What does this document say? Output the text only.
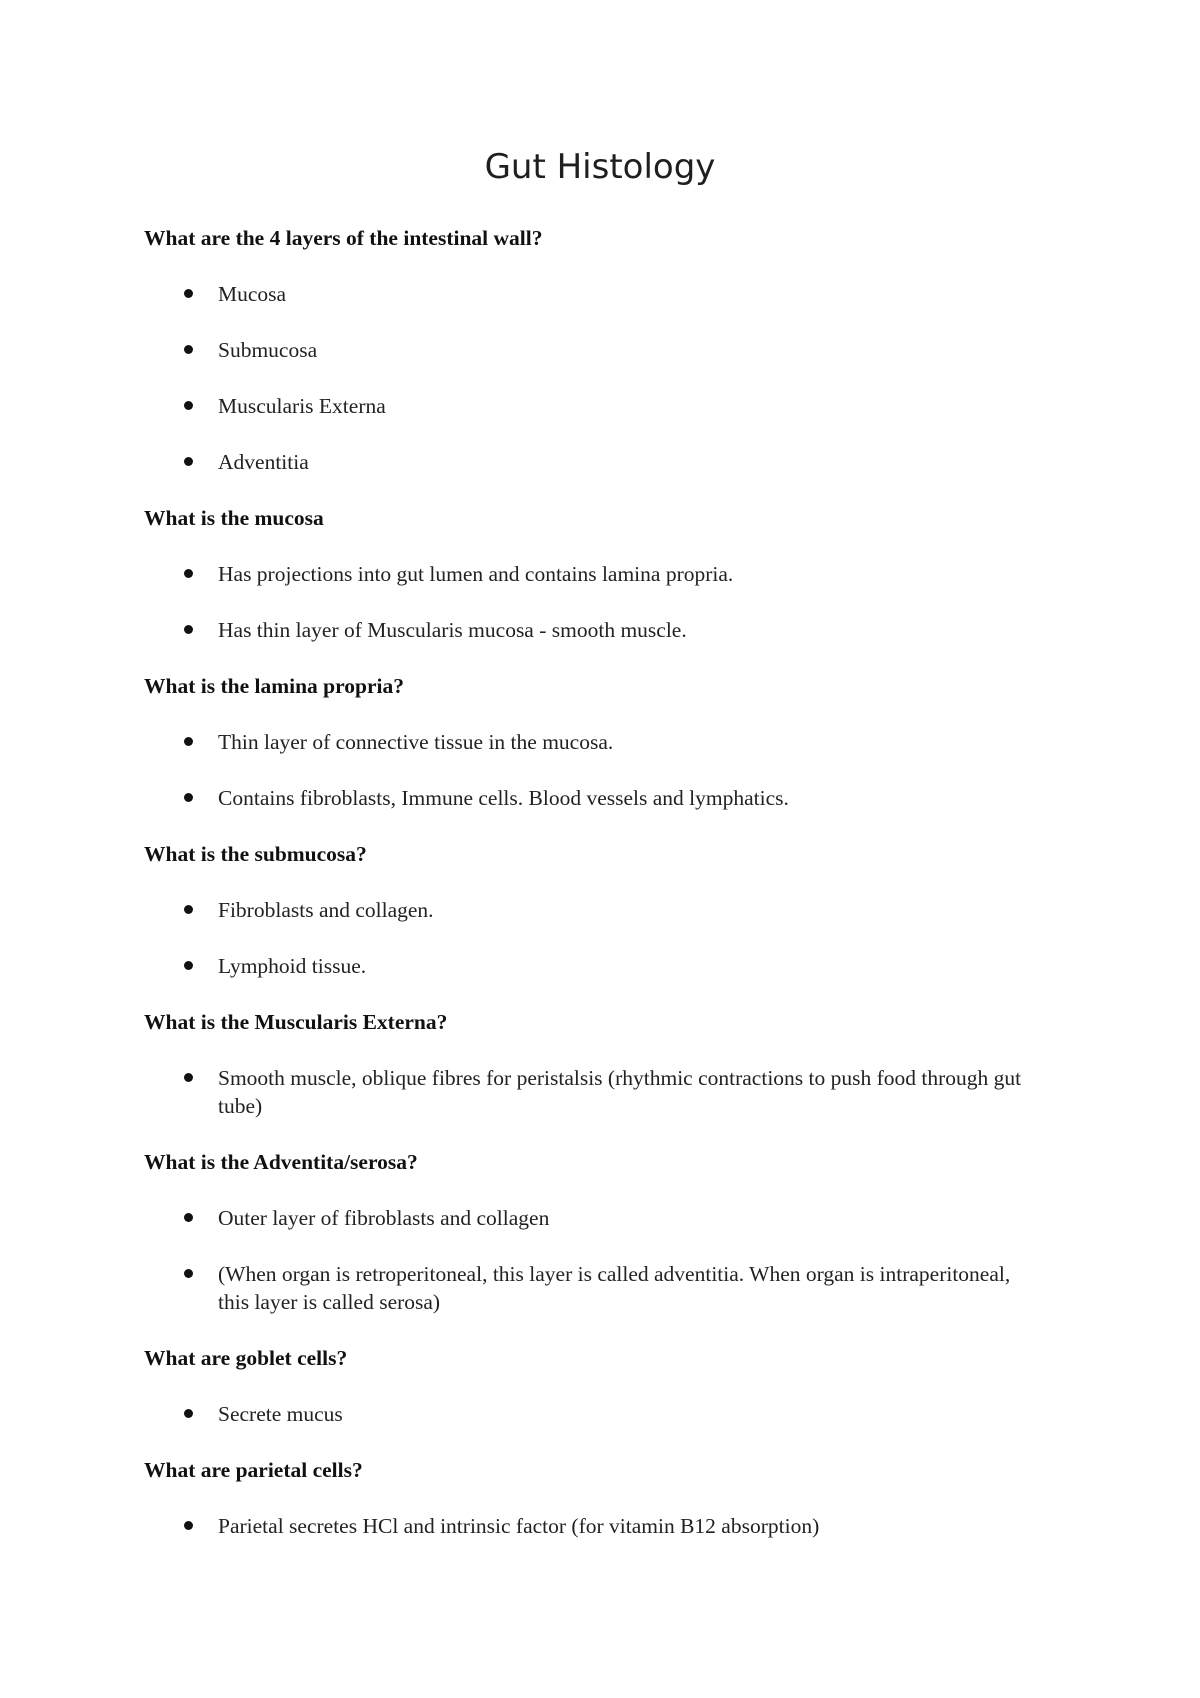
Gut Histology
What are the 4 layers of the intestinal wall?
Mucosa
Submucosa
Muscularis Externa
Adventitia
What is the mucosa
Has projections into gut lumen and contains lamina propria.
Has thin layer of Muscularis mucosa - smooth muscle.
What is the lamina propria?
Thin layer of connective tissue in the mucosa.
Contains fibroblasts, Immune cells. Blood vessels and lymphatics.
What is the submucosa?
Fibroblasts and collagen.
Lymphoid tissue.
What is the Muscularis Externa?
Smooth muscle, oblique fibres for peristalsis (rhythmic contractions to push food through gut tube)
What is the Adventita/serosa?
Outer layer of fibroblasts and collagen
(When organ is retroperitoneal, this layer is called adventitia. When organ is intraperitoneal, this layer is called serosa)
What are goblet cells?
Secrete mucus
What are parietal cells?
Parietal secretes HCl and intrinsic factor (for vitamin B12 absorption)
